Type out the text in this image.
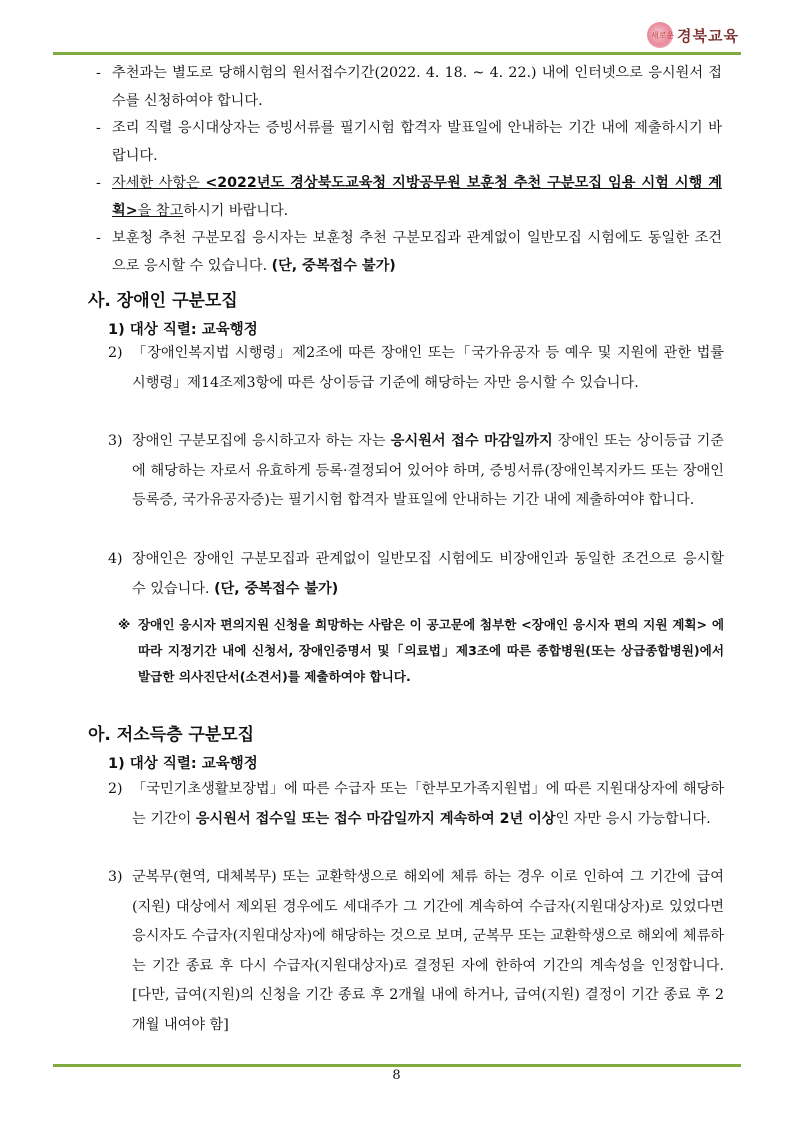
새로운 경북교육
- 추천과는 별도로 당해시험의 원서접수기간(2022. 4. 18. ~ 4. 22.) 내에 인터넷으로 응시원서 접수를 신청하여야 합니다.
- 조리 직렬 응시대상자는 증빙서류를 필기시험 합격자 발표일에 안내하는 기간 내에 제출하시기 바랍니다.
- 자세한 사항은 <2022년도 경상북도교육청 지방공무원 보훈청 추천 구분모집 임용 시험 시행 계획>을 참고하시기 바랍니다.
- 보훈청 추천 구분모집 응시자는 보훈청 추천 구분모집과 관계없이 일반모집 시험에도 동일한 조건으로 응시할 수 있습니다. (단, 중복접수 불가)
사. 장애인 구분모집
1) 대상 직렬: 교육행정
2) 「장애인복지법 시행령」제2조에 따른 장애인 또는「국가유공자 등 예우 및 지원에 관한 법률 시행령」제14조제3항에 따른 상이등급 기준에 해당하는 자만 응시할 수 있습니다.
3) 장애인 구분모집에 응시하고자 하는 자는 응시원서 접수 마감일까지 장애인 또는 상이등급 기준에 해당하는 자로서 유효하게 등록·결정되어 있어야 하며, 증빙서류(장애인복지카드 또는 장애인등록증, 국가유공자증)는 필기시험 합격자 발표일에 안내하는 기간 내에 제출하여야 합니다.
4) 장애인은 장애인 구분모집과 관계없이 일반모집 시험에도 비장애인과 동일한 조건으로 응시할 수 있습니다. (단, 중복접수 불가)
※ 장애인 응시자 편의지원 신청을 희망하는 사람은 이 공고문에 첨부한 <장애인 응시자 편의 지원 계획> 에 따라 지정기간 내에 신청서, 장애인증명서 및「의료법」제3조에 따른 종합병원(또는 상급종합병원)에서 발급한 의사진단서(소견서)를 제출하여야 합니다.
아. 저소득층 구분모집
1) 대상 직렬: 교육행정
2) 「국민기초생활보장법」에 따른 수급자 또는「한부모가족지원법」에 따른 지원대상자에 해당하는 기간이 응시원서 접수일 또는 접수 마감일까지 계속하여 2년 이상인 자만 응시 가능합니다.
3) 군복무(현역, 대체복무) 또는 교환학생으로 해외에 체류 하는 경우 이로 인하여 그 기간에 급여(지원) 대상에서 제외된 경우에도 세대주가 그 기간에 계속하여 수급자(지원대상자)로 있었다면 응시자도 수급자(지원대상자)에 해당하는 것으로 보며, 군복무 또는 교환학생으로 해외에 체류하는 기간 종료 후 다시 수급자(지원대상자)로 결정된 자에 한하여 기간의 계속성을 인정합니다. [다만, 급여(지원)의 신청을 기간 종료 후 2개월 내에 하거나, 급여(지원) 결정이 기간 종료 후 2개월 내여야 함]
8
